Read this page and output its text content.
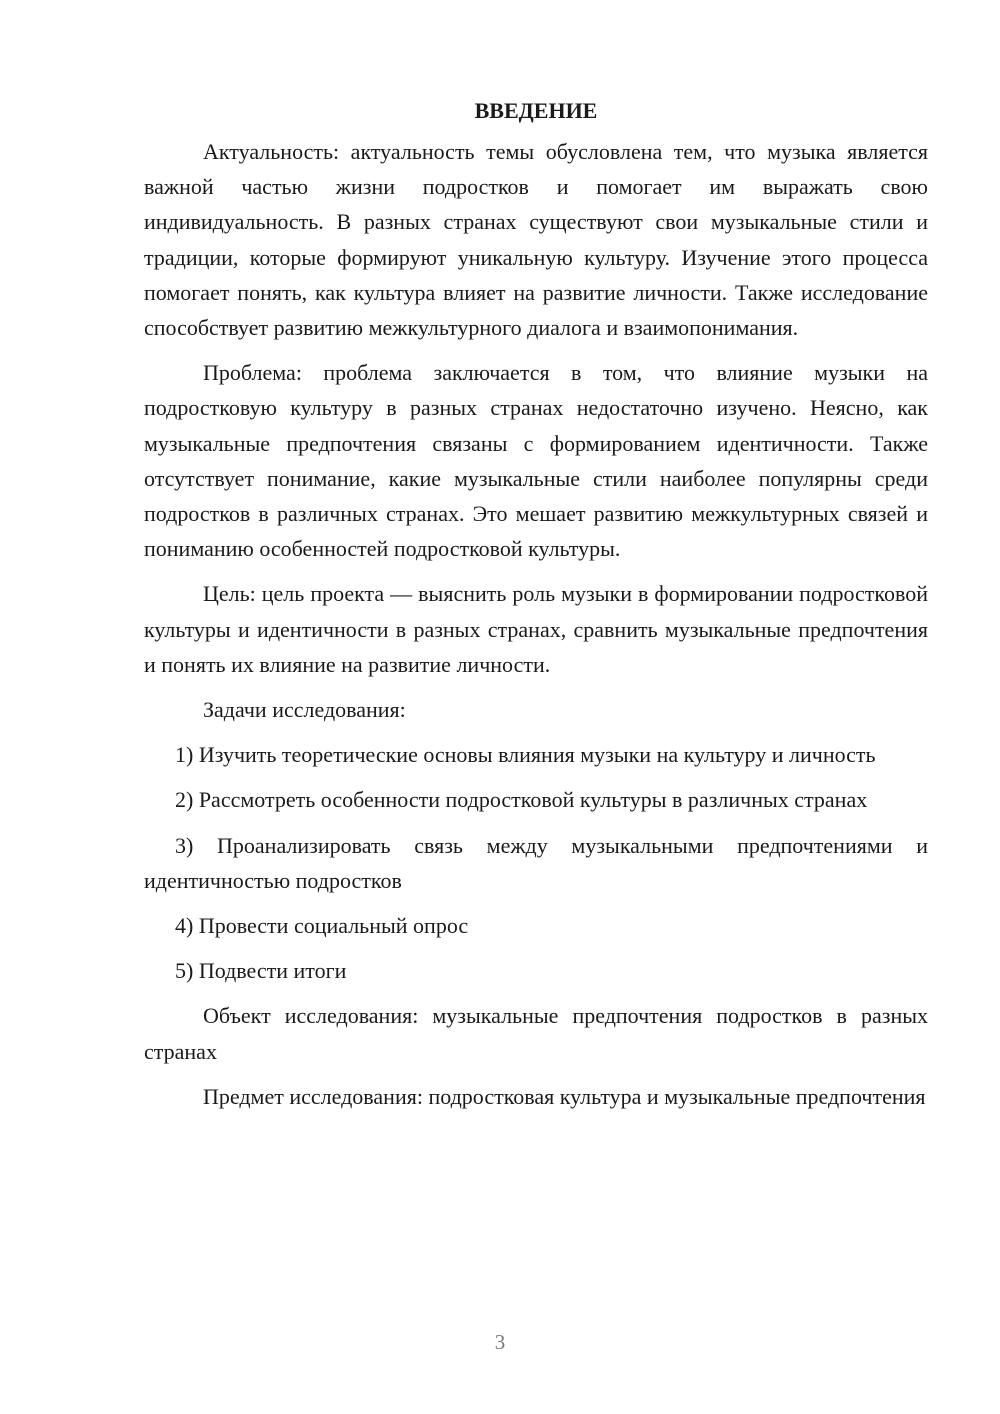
ВВЕДЕНИЕ

Актуальность: актуальность темы обусловлена тем, что музыка является важной частью жизни подростков и помогает им выражать свою индивидуальность. В разных странах существуют свои музыкальные стили и традиции, которые формируют уникальную культуру. Изучение этого процесса помогает понять, как культура влияет на развитие личности. Также исследование способствует развитию межкультурного диалога и взаимопонимания.

Проблема: проблема заключается в том, что влияние музыки на подростковую культуру в разных странах недостаточно изучено. Неясно, как музыкальные предпочтения связаны с формированием идентичности. Также отсутствует понимание, какие музыкальные стили наиболее популярны среди подростков в различных странах. Это мешает развитию межкультурных связей и пониманию особенностей подростковой культуры.

Цель: цель проекта — выяснить роль музыки в формировании подростковой культуры и идентичности в разных странах, сравнить музыкальные предпочтения и понять их влияние на развитие личности.

Задачи исследования:

1) Изучить теоретические основы влияния музыки на культуру и личность

2) Рассмотреть особенности подростковой культуры в различных странах

3) Проанализировать связь между музыкальными предпочтениями и идентичностью подростков

4) Провести социальный опрос

5) Подвести итоги

Объект исследования: музыкальные предпочтения подростков в разных странах

Предмет исследования: подростковая культура и музыкальные предпочтения

3
